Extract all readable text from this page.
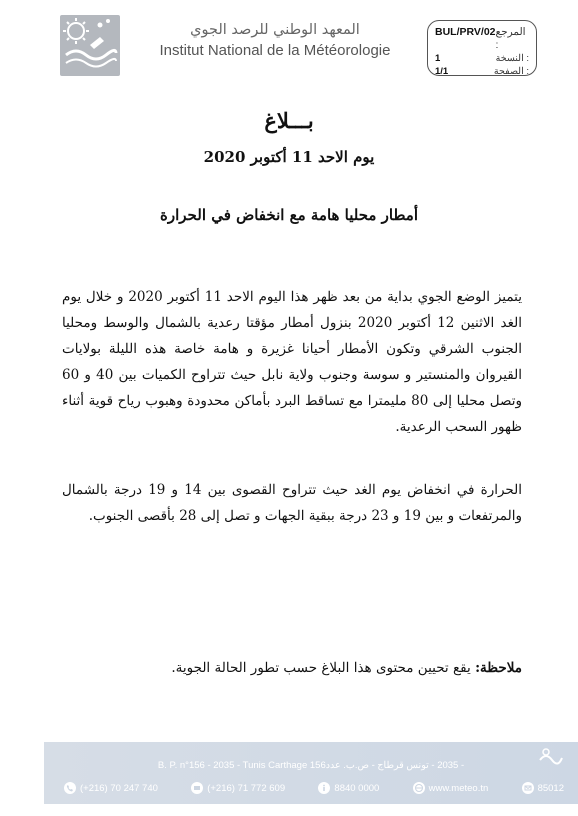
BUL/PRV/02 المرجع :
1	النسخة :
1/1	الصفحة :
المعهد الوطني للرصد الجوي
Institut National de la Météorologie
بـــلاغ
يوم الاحد 11 أكتوبر 2020
أمطار محليا هامة مع انخفاض في الحرارة
يتميز الوضع الجوي بداية من بعد ظهر هذا اليوم الاحد 11 أكتوبر 2020 و خلال يوم الغد الاثنين 12 أكتوبر 2020 بنزول أمطار مؤقتا رعدية بالشمال والوسط ومحليا الجنوب الشرقي وتكون الأمطار أحيانا غزيرة و هامة خاصة هذه الليلة بولايات القيروان والمنستير و سوسة وجنوب ولاية نابل حيث تتراوح الكميات بين 40 و 60 وتصل محليا إلى 80 مليمترا مع تساقط البرد بأماكن محدودة وهبوب رياح قوية أثناء ظهور السحب الرعدية.
الحرارة في انخفاض يوم الغد حيث تتراوح القصوى بين 14 و 19 درجة بالشمال والمرتفعات و بين 19 و 23 درجة ببقية الجهات و تصل إلى 28 بأقصى الجنوب.
ملاحظة: يقع تحيين محتوى هذا البلاغ حسب تطور الحالة الجوية.
B. P. n°156 - 2035 - Tunis Carthage - 2035 - تونس قرطاج - ص.ب. عدد156
(+216) 70 247 740	(+216) 71 772 609	8840 0000	www.meteo.tn	85012
